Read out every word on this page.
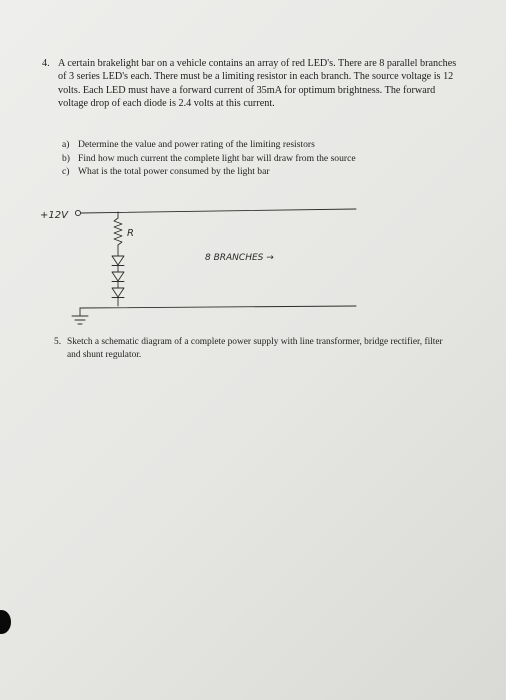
4. A certain brakelight bar on a vehicle contains an array of red LED's. There are 8 parallel branches of 3 series LED's each. There must be a limiting resistor in each branch. The source voltage is 12 volts. Each LED must have a forward current of 35mA for optimum brightness. The forward voltage drop of each diode is 2.4 volts at this current.
a) Determine the value and power rating of the limiting resistors
b) Find how much current the complete light bar will draw from the source
c) What is the total power consumed by the light bar
+12V
R
8 BRANCHES →
5. Sketch a schematic diagram of a complete power supply with line transformer, bridge rectifier, filter and shunt regulator.
